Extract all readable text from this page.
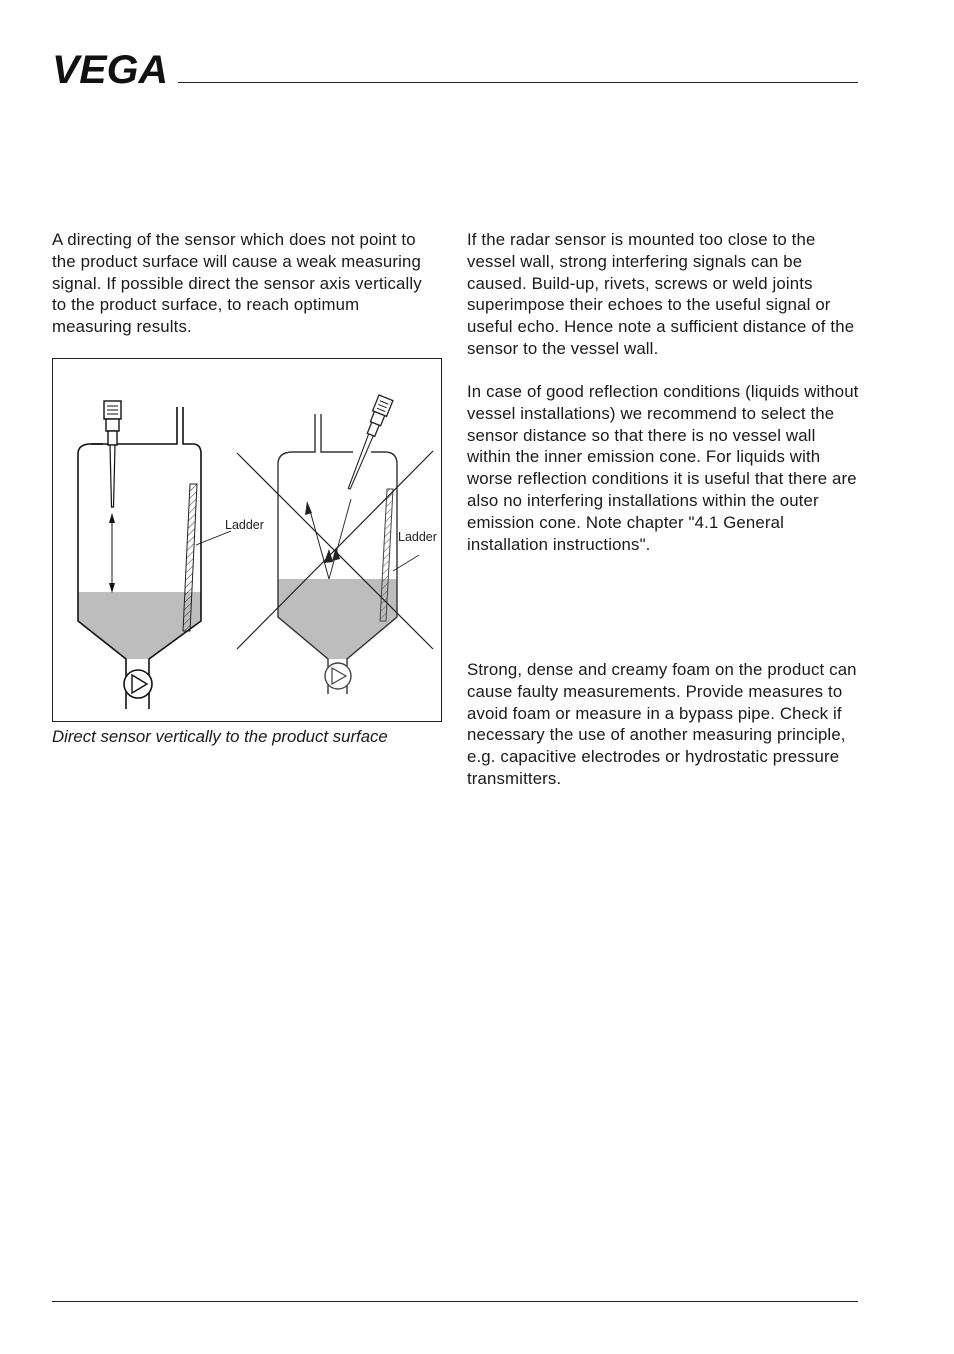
VEGA

A directing of the sensor which does not point to the product surface will cause a weak measuring signal. If possible direct the sensor axis vertically to the product surface, to reach optimum measuring results.

Ladder
Ladder

Direct sensor vertically to the product surface

If the radar sensor is mounted too close to the vessel wall, strong interfering signals can be caused. Build-up, rivets, screws or weld joints superimpose their echoes to the useful signal or useful echo. Hence note a sufficient distance of the sensor to the vessel wall.

In case of good reflection conditions (liquids without vessel installations) we recommend to select the sensor distance so that there is no vessel wall within the inner emission cone. For liquids with worse reflection conditions it is useful that there are also no interfering installations within the outer emission cone. Note chapter "4.1 General installation instructions".

Strong, dense and creamy foam on the product can cause faulty measurements. Provide measures to avoid foam or measure in a bypass pipe. Check if necessary the use of another measuring principle, e.g. capacitive electrodes or hydrostatic pressure transmitters.
